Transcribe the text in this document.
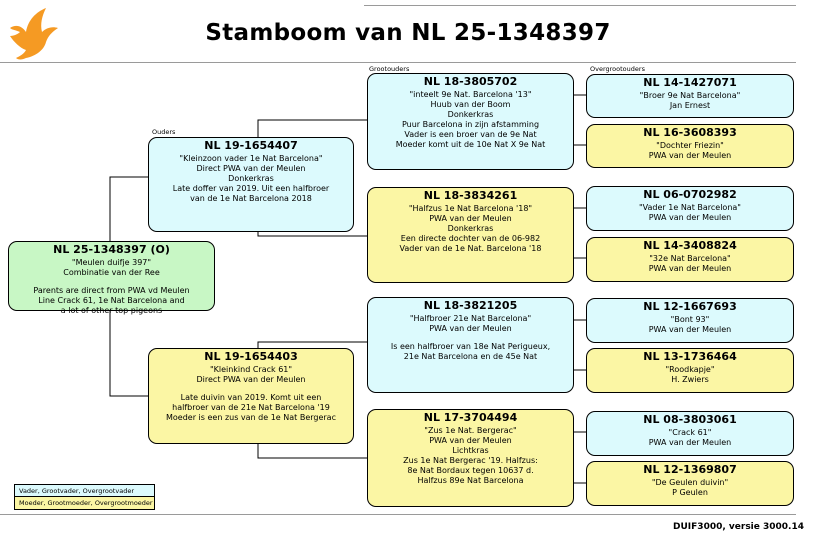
Stamboom van NL 25-1348397
Ouders
Grootouders	Overgrootouders
NL 25-1348397 (O)
"Meulen duifje 397"
Combinatie van der Ree
Parents are direct from PWA vd Meulen
Line Crack 61, 1e Nat Barcelona and
a lot of other top pigeons
NL 19-1654407
"Kleinzoon vader 1e Nat Barcelona"
Direct PWA van der Meulen
Donkerkras
Late doffer van 2019. Uit een halfbroer
van de 1e Nat Barcelona 2018
NL 19-1654403
"Kleinkind Crack 61"
Direct PWA van der Meulen
Late duivin van 2019. Komt uit een
halfbroer van de 21e Nat Barcelona '19
Moeder is een zus van de 1e Nat Bergerac
NL 18-3805702
"inteelt 9e Nat. Barcelona '13"
Huub van der Boom
Donkerkras
Puur Barcelona in zijn afstamming
Vader is een broer van de 9e Nat
Moeder komt uit de 10e Nat X 9e Nat
NL 18-3834261
"Halfzus 1e Nat Barcelona '18"
PWA van der Meulen
Donkerkras
Een directe dochter van de 06-982
Vader van de 1e Nat. Barcelona '18
NL 18-3821205
"Halfbroer 21e Nat Barcelona"
PWA van der Meulen
Is een halfbroer van 18e Nat Perigueux,
21e Nat Barcelona en de 45e Nat
NL 17-3704494
"Zus 1e Nat. Bergerac"
PWA van der Meulen
Lichtkras
Zus 1e Nat Bergerac '19. Halfzus:
8e Nat Bordaux tegen 10637 d.
Halfzus 89e Nat Barcelona
NL 14-1427071
"Broer 9e Nat Barcelona"
Jan Ernest
NL 16-3608393
"Dochter Friezin"
PWA van der Meulen
NL 06-0702982
"Vader 1e Nat Barcelona"
PWA van der Meulen
NL 14-3408824
"32e Nat Barcelona"
PWA van der Meulen
NL 12-1667693
"Bont 93"
PWA van der Meulen
NL 13-1736464
"Roodkapje"
H. Zwiers
NL 08-3803061
"Crack 61"
PWA van der Meulen
NL 12-1369807
"De Geulen duivin"
P Geulen
Vader, Grootvader, Overgrootvader
Moeder, Grootmoeder, Overgrootmoeder
DUIF3000, versie 3000.14
